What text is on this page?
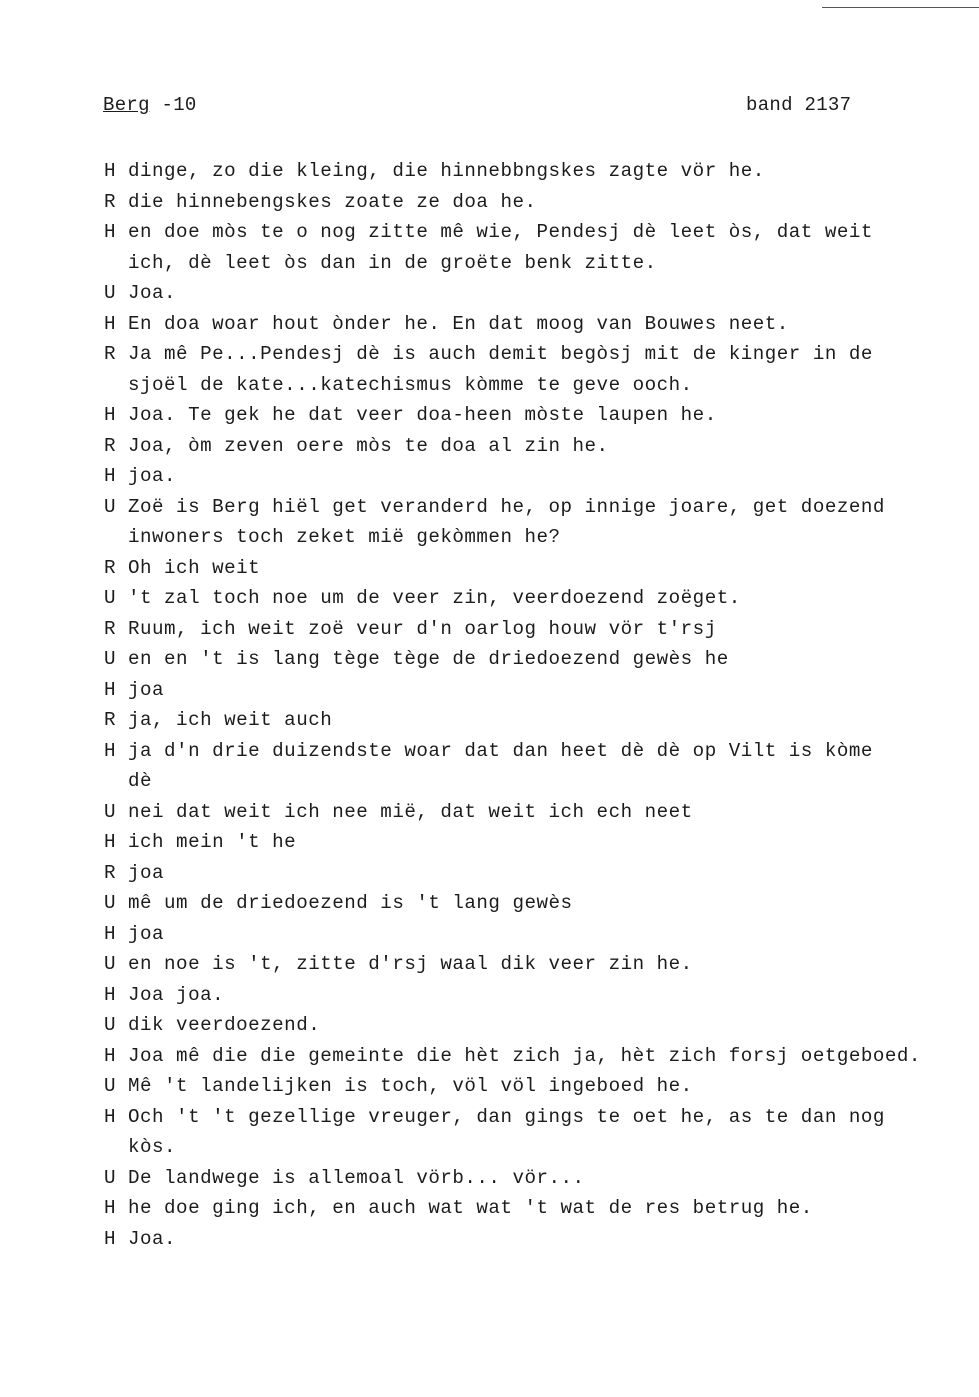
Berg -10	band 2137
H dinge, zo die kleing, die hinnebbngskes zagte vör he.
R die hinnebengskes zoate ze doa he.
H en doe mòs te o nog zitte mê wie, Pendesj dè leet òs, dat weit
ich, dè leet òs dan in de groëte benk zitte.
U Joa.
H En doa woar hout ònder he. En dat moog van Bouwes neet.
R Ja mê Pe...Pendesj dè is auch demit begòsj mit de kinger in de
sjoël de kate...katechismus kòmme te geve ooch.
H Joa. Te gek he dat veer doa-heen mòste laupen he.
R Joa, òm zeven oere mòs te doa al zin he.
H joa.
U Zoë is Berg hiël get veranderd he, op innige joare, get doezend
inwoners toch zeket mië gekòmmen he?
R Oh ich weit
U 't zal toch noe um de veer zin, veerdoezend zoëget.
R Ruum, ich weit zoë veur d'n oarlog houw vör t'rsj
U en en 't is lang tège tège de driedoezend gewès he
H joa
R ja, ich weit auch
H ja d'n drie duizendste woar dat dan heet dè dè op Vilt is kòme
dè
U nei dat weit ich nee mië, dat weit ich ech neet
H ich mein 't he
R joa
U mê um de driedoezend is 't lang gewès
H joa
U en noe is 't, zitte d'rsj waal dik veer zin he.
H Joa joa.
U dik veerdoezend.
H Joa mê die die gemeinte die hèt zich ja, hèt zich forsj oetgeboed.
U Mê 't landelijken is toch, völ völ ingeboed he.
H Och 't 't gezellige vreuger, dan gings te oet he, as te dan nog
kòs.
U De landwege is allemoal vörb... vör...
H he doe ging ich, en auch wat wat 't wat de res betrug he.
H Joa.
